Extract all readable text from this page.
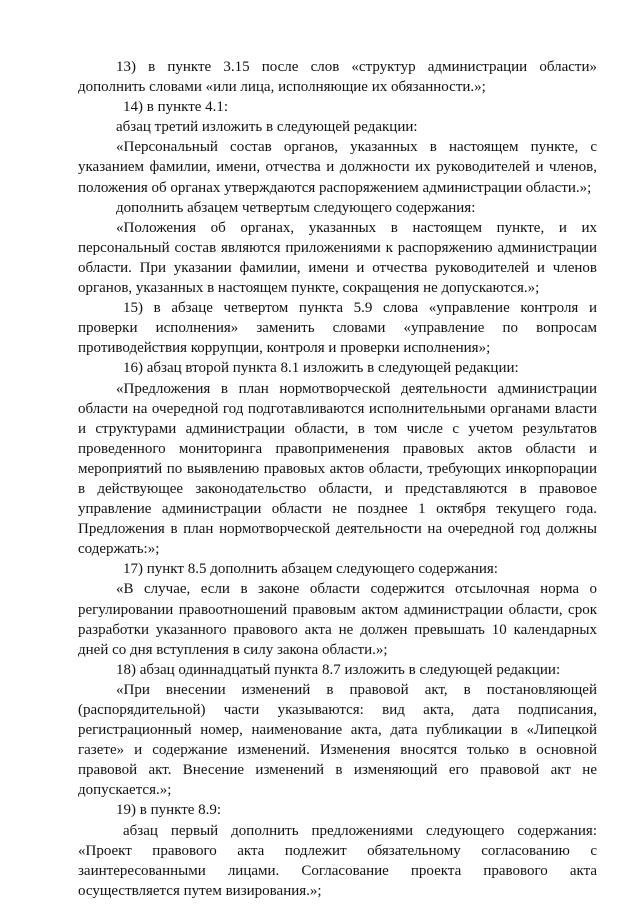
13) в пункте 3.15 после слов «структур администрации области» дополнить словами «или лица, исполняющие их обязанности.»;

14) в пункте 4.1:

абзац третий изложить в следующей редакции:

«Персональный состав органов, указанных в настоящем пункте, с указанием фамилии, имени, отчества и должности их руководителей и членов, положения об органах утверждаются распоряжением администрации области.»;

дополнить абзацем четвертым следующего содержания:

«Положения об органах, указанных в настоящем пункте, и их персональный состав являются приложениями к распоряжению администрации области. При указании фамилии, имени и отчества руководителей и членов органов, указанных в настоящем пункте, сокращения не допускаются.»;

15) в абзаце четвертом пункта 5.9 слова «управление контроля и проверки исполнения» заменить словами «управление по вопросам противодействия коррупции, контроля и проверки исполнения»;

16) абзац второй пункта 8.1 изложить в следующей редакции:

«Предложения в план нормотворческой деятельности администрации области на очередной год подготавливаются исполнительными органами власти и структурами администрации области, в том числе с учетом результатов проведенного мониторинга правоприменения правовых актов области и мероприятий по выявлению правовых актов области, требующих инкорпорации в действующее законодательство области, и представляются в правовое управление администрации области не позднее 1 октября текущего года. Предложения в план нормотворческой деятельности на очередной год должны содержать:»;

17) пункт 8.5 дополнить абзацем следующего содержания:

«В случае, если в законе области содержится отсылочная норма о регулировании правоотношений правовым актом администрации области, срок разработки указанного правового акта не должен превышать 10 календарных дней со дня вступления в силу закона области.»;

18) абзац одиннадцатый пункта 8.7 изложить в следующей редакции:

«При внесении изменений в правовой акт, в постановляющей (распорядительной) части указываются: вид акта, дата подписания, регистрационный номер, наименование акта, дата публикации в «Липецкой газете» и содержание изменений. Изменения вносятся только в основной правовой акт. Внесение изменений в изменяющий его правовой акт не допускается.»;

19) в пункте 8.9:

абзац первый дополнить предложениями следующего содержания: «Проект правового акта подлежит обязательному согласованию с заинтересованными лицами. Согласование проекта правового акта осуществляется путем визирования.»;
